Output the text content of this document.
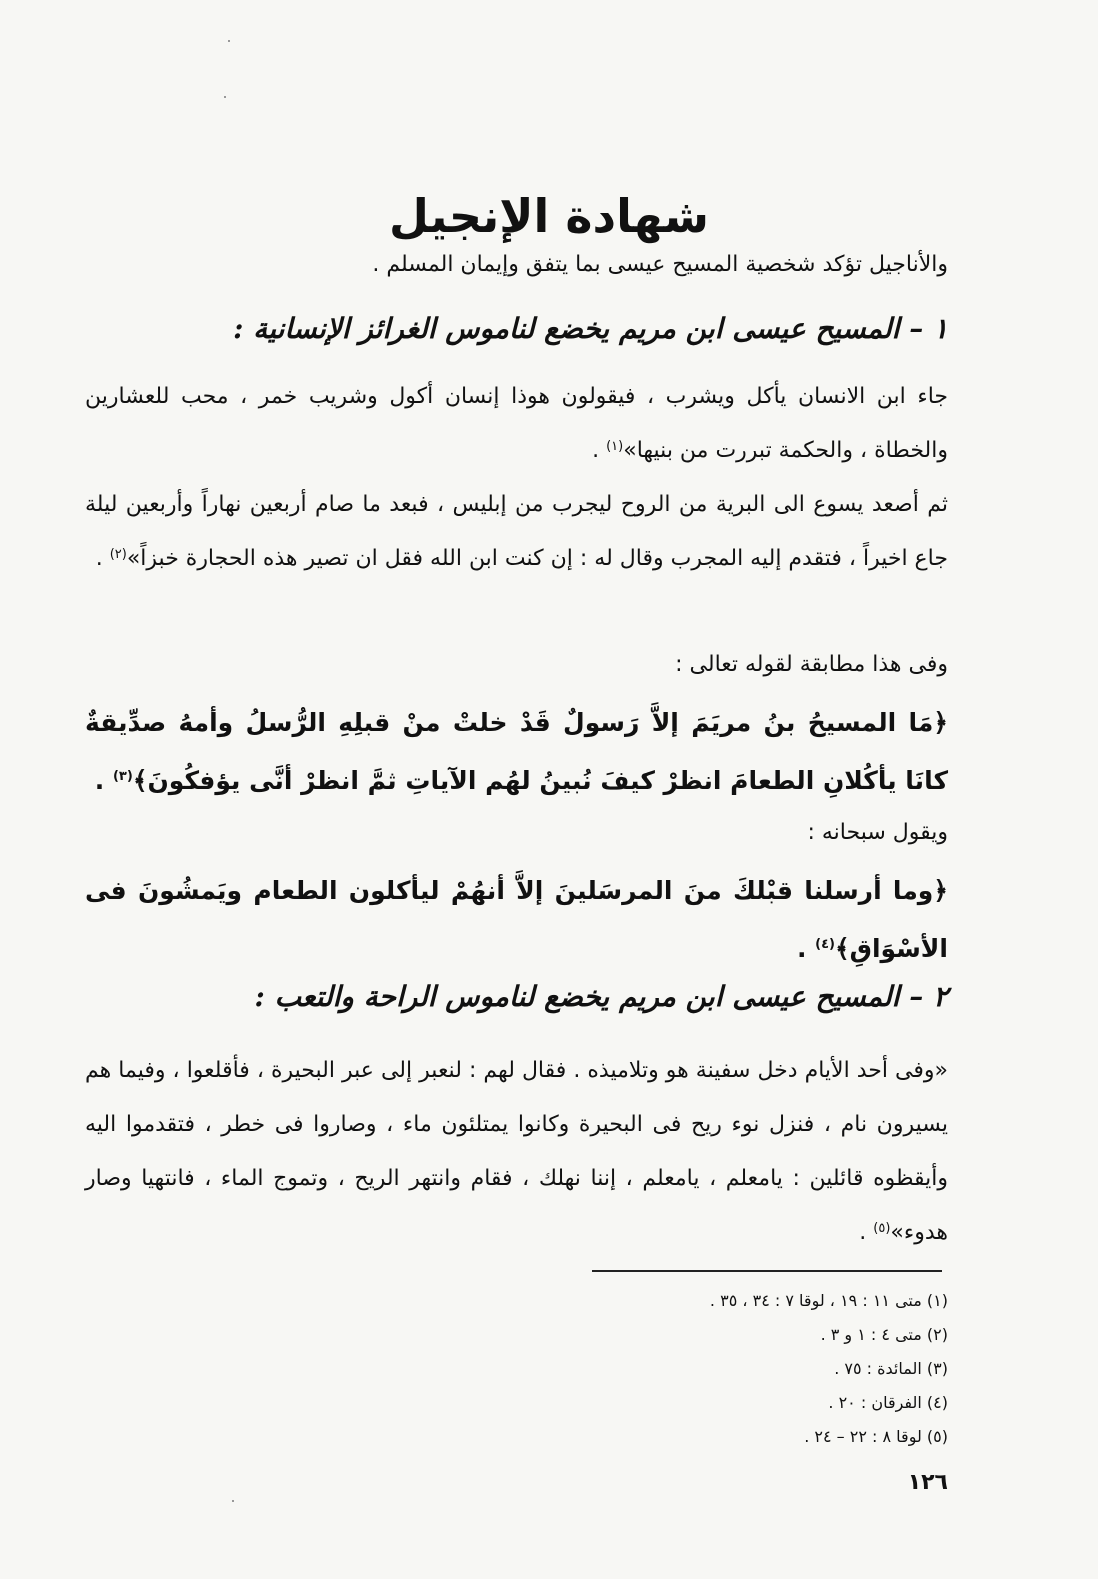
شهادة الإنجيل

والأناجيل تؤكد شخصية المسيح عيسى بما يتفق وإيمان المسلم .

١ – المسيح عيسى ابن مريم يخضع لناموس الغرائز الإنسانية :

جاء ابن الانسان يأكل ويشرب ، فيقولون هوذا إنسان أكول وشريب خمر ، محب للعشارين والخطاة ، والحكمة تبررت من بنيها»$^{(١)}$ .

ثم أصعد يسوع الى البرية من الروح ليجرب من إبليس ، فبعد ما صام أربعين نهاراً وأربعين ليلة جاع اخيراً ، فتقدم إليه المجرب وقال له : إن كنت ابن الله فقل ان تصير هذه الحجارة خبزاً»$^{(٢)}$ .

وفى هذا مطابقة لقوله تعالى :

﴿مَا المسيحُ بنُ مريَمَ إلاَّ رَسولٌ قَدْ خلتْ منْ قبلِهِ الرُّسلُ وأمهُ صدِّيقةٌ كانَا يأكُلانِ الطعامَ انظرْ كيفَ نُبينُ لهُم الآياتِ ثمَّ انظرْ أنَّى يؤفكُونَ﴾$^{(٣)}$ .

ويقول سبحانه :

﴿وما أرسلنا قبْلكَ منَ المرسَلينَ إلاَّ أنهُمْ ليأكلون الطعام ويَمشُونَ فى الأسْوَاقِ﴾$^{(٤)}$ .

٢ – المسيح عيسى ابن مريم يخضع لناموس الراحة والتعب :

«وفى أحد الأيام دخل سفينة هو وتلاميذه . فقال لهم : لنعبر إلى عبر البحيرة ، فأقلعوا ، وفيما هم يسيرون نام ، فنزل نوء ريح فى البحيرة وكانوا يمتلئون ماء ، وصاروا فى خطر ، فتقدموا اليه وأيقظوه قائلين : يامعلم ، يامعلم ، إننا نهلك ، فقام وانتهر الريح ، وتموج الماء ، فانتهيا وصار هدوء»$^{(٥)}$ .

(١) متى ١١ : ١٩ ، لوقا ٧ : ٣٤ ، ٣٥ .
(٢) متى ٤ : ١ و ٣ .
(٣) المائدة : ٧٥ .
(٤) الفرقان : ٢٠ .
(٥) لوقا ٨ : ٢٢ – ٢٤ .
١٢٦
